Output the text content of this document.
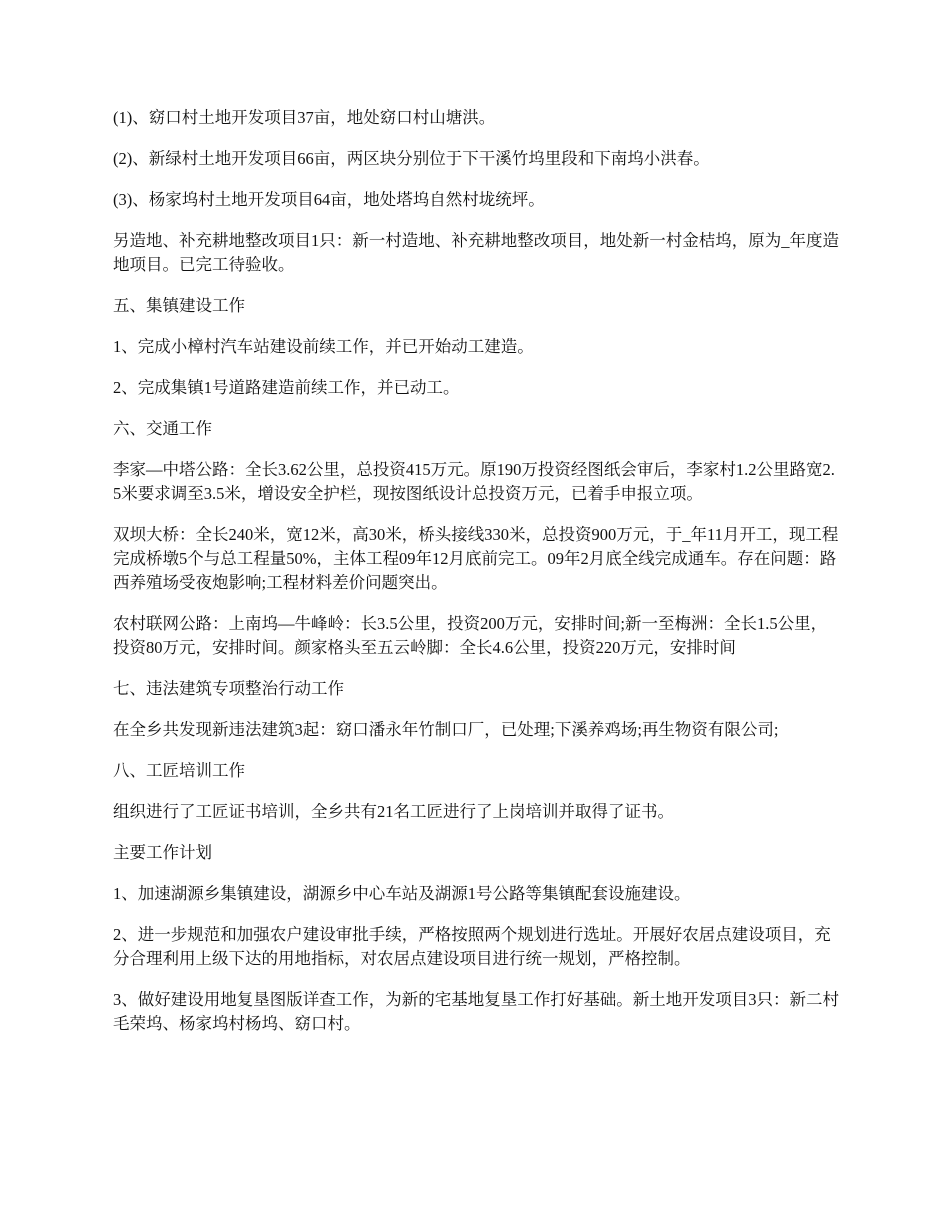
(1)、窈口村土地开发项目37亩，地处窈口村山塘洪。

(2)、新绿村土地开发项目66亩，两区块分别位于下干溪竹坞里段和下南坞小洪春。

(3)、杨家坞村土地开发项目64亩，地处塔坞自然村垅统坪。

另造地、补充耕地整改项目1只：新一村造地、补充耕地整改项目，地处新一村金桔坞，原为_年度造地项目。已完工待验收。

五、集镇建设工作

1、完成小樟村汽车站建设前续工作，并已开始动工建造。

2、完成集镇1号道路建造前续工作，并已动工。

六、交通工作

李家—中塔公路：全长3.62公里，总投资415万元。原190万投资经图纸会审后，李家村1.2公里路宽2.5米要求调至3.5米，增设安全护栏，现按图纸设计总投资万元，已着手申报立项。

双坝大桥：全长240米，宽12米，高30米，桥头接线330米，总投资900万元，于_年11月开工，现工程完成桥墩5个与总工程量50%，主体工程09年12月底前完工。09年2月底全线完成通车。存在问题：路西养殖场受夜炮影响;工程材料差价问题突出。

农村联网公路：上南坞—牛峰岭：长3.5公里，投资200万元，安排时间;新一至梅洲：全长1.5公里，投资80万元，安排时间。颜家格头至五云岭脚：全长4.6公里，投资220万元，安排时间

七、违法建筑专项整治行动工作

在全乡共发现新违法建筑3起：窈口潘永年竹制口厂，已处理;下溪养鸡场;再生物资有限公司;

八、工匠培训工作

组织进行了工匠证书培训，全乡共有21名工匠进行了上岗培训并取得了证书。

主要工作计划

1、加速湖源乡集镇建设，湖源乡中心车站及湖源1号公路等集镇配套设施建设。

2、进一步规范和加强农户建设审批手续，严格按照两个规划进行选址。开展好农居点建设项目，充分合理利用上级下达的用地指标，对农居点建设项目进行统一规划，严格控制。

3、做好建设用地复垦图版详查工作，为新的宅基地复垦工作打好基础。新土地开发项目3只：新二村毛荣坞、杨家坞村杨坞、窈口村。
